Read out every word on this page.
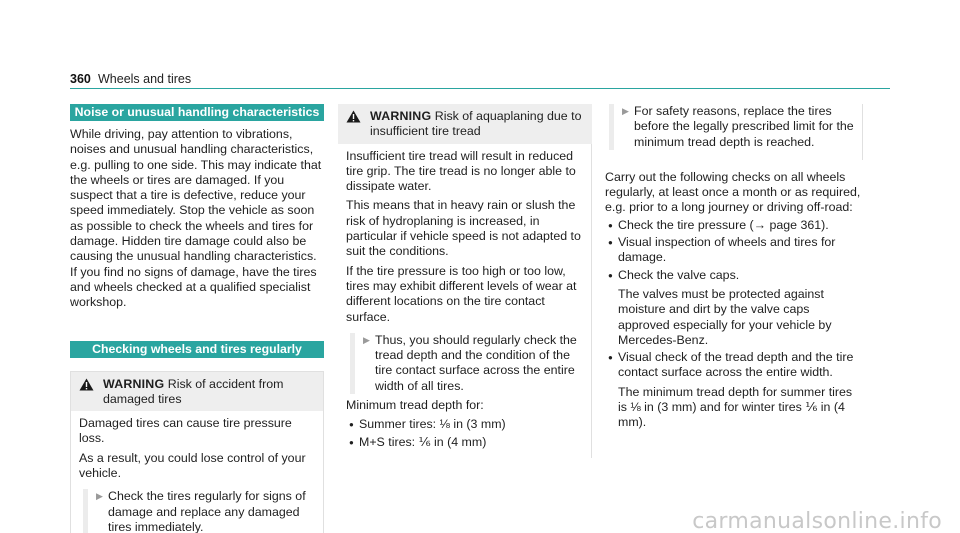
360 Wheels and tires
Noise or unusual handling characteristics

While driving, pay attention to vibrations, noises and unusual handling characteristics, e.g. pulling to one side. This may indicate that the wheels or tires are damaged. If you suspect that a tire is defective, reduce your speed immediately. Stop the vehicle as soon as possible to check the wheels and tires for damage. Hidden tire damage could also be causing the unusual handling characteristics. If you find no signs of damage, have the tires and wheels checked at a qualified specialist workshop.

Checking wheels and tires regularly
WARNING Risk of accident from damaged tires

Damaged tires can cause tire pressure loss.

As a result, you could lose control of your vehicle.

▶ Check the tires regularly for signs of damage and replace any damaged tires immediately.
WARNING Risk of aquaplaning due to insufficient tire tread

Insufficient tire tread will result in reduced tire grip. The tire tread is no longer able to dissipate water.

This means that in heavy rain or slush the risk of hydroplaning is increased, in particular if vehicle speed is not adapted to suit the conditions.

If the tire pressure is too high or too low, tires may exhibit different levels of wear at different locations on the tire contact surface.

▶ Thus, you should regularly check the tread depth and the condition of the tire contact surface across the entire width of all tires.

Minimum tread depth for:

● Summer tires: ⅛ in (3 mm)
● M+S tires: ⅙ in (4 mm)
▶ For safety reasons, replace the tires before the legally prescribed limit for the minimum tread depth is reached.

Carry out the following checks on all wheels regularly, at least once a month or as required, e.g. prior to a long journey or driving off-road:

● Check the tire pressure (→ page 361).
● Visual inspection of wheels and tires for damage.
● Check the valve caps.
The valves must be protected against moisture and dirt by the valve caps approved especially for your vehicle by Mercedes-Benz.
● Visual check of the tread depth and the tire contact surface across the entire width.
The minimum tread depth for summer tires is ⅛ in (3 mm) and for winter tires ⅙ in (4 mm).
carmanualsonline.info
